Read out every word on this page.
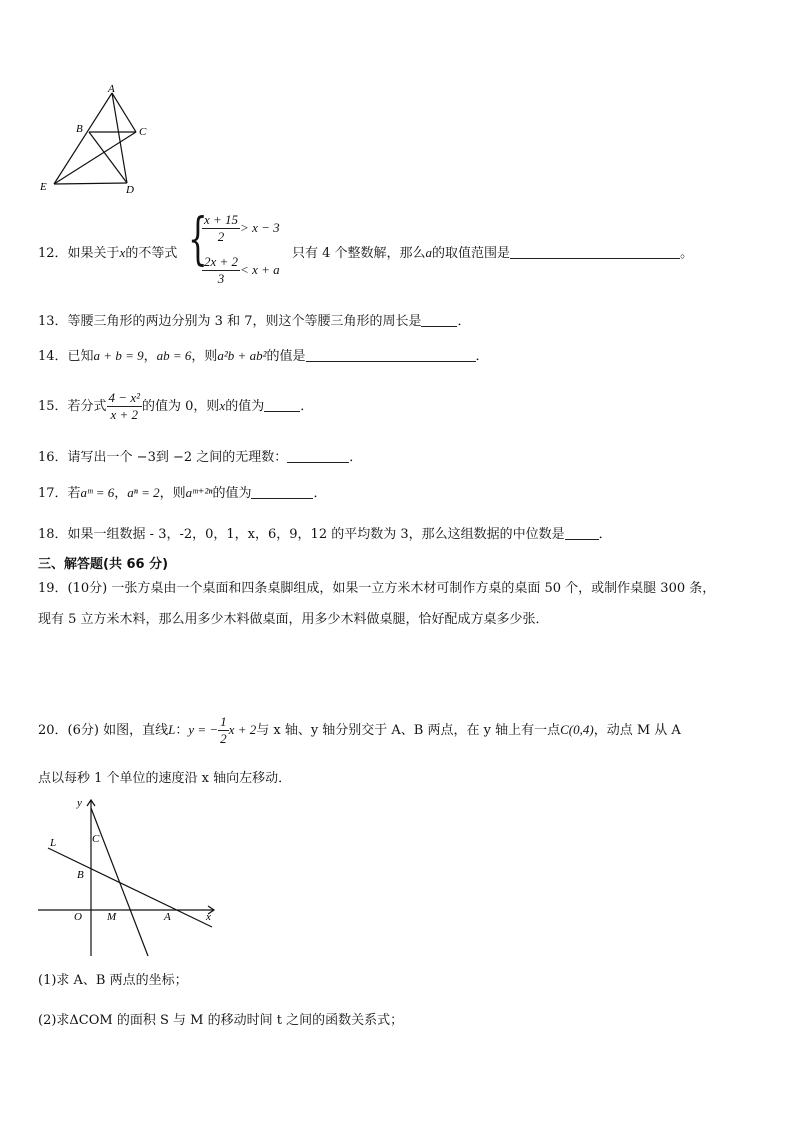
A
B	C
E	D
12．如果关于x的不等式 {
$\frac{x + 15}{2} > x - 3$
$\frac{2x + 2}{3} < x + a$
只有 4 个整数解，那么a的取值范围是	。
13．等腰三角形的两边分别为 3 和 7，则这个等腰三角形的周长是	．
14．已知a + b = 9，ab = 6，则a²b + ab²的值是	．
15．若分式 $\frac{\text{4 − x²}}{x + 2}$ 的值为 0，则x的值为	．
16．请写出一个 −3到 −2 之间的无理数：	．
17．若aᵐ = 6，aⁿ = 2，则aᵐ⁺²ⁿ的值为	．
18．如果一组数据 - 3，-2，0，1，x，6，9，12 的平均数为 3，那么这组数据的中位数是	．
三、解答题(共 66 分)
19．(10分) 一张方桌由一个桌面和四条桌脚组成，如果一立方米木材可制作方桌的桌面 50 个，或制作桌腿 300 条，
现有 5 立方米木料，那么用多少木料做桌面，用多少木料做桌腿，恰好配成方桌多少张．
20．(6分) 如图，直线L：y = − $\frac{1}{2}$ x + 2与 x 轴、y 轴分别交于 A、B 两点，在 y 轴上有一点C(0,4)，动点 M 从 A
点以每秒 1 个单位的速度沿 x 轴向左移动．
y
x
L	C
B
O M	A
(1)求 A、B 两点的坐标；
(2)求ΔCOM 的面积 S 与 M 的移动时间 t 之间的函数关系式；
